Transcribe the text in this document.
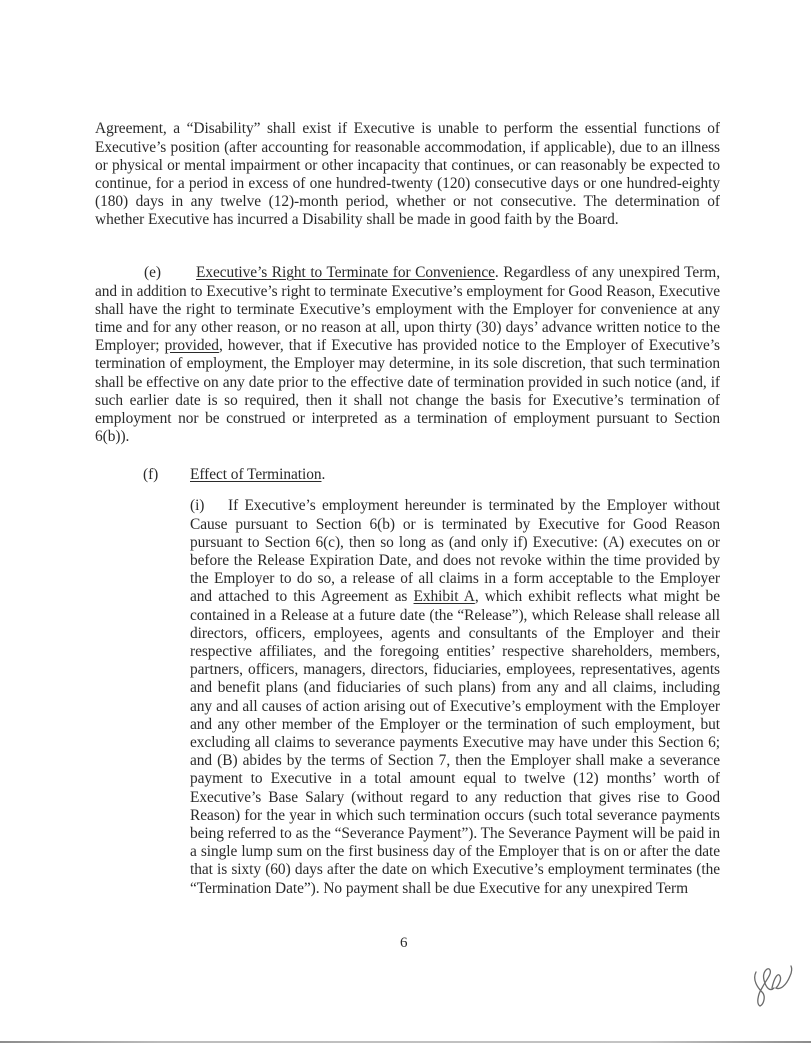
Agreement, a “Disability” shall exist if Executive is unable to perform the essential functions of Executive’s position (after accounting for reasonable accommodation, if applicable), due to an illness or physical or mental impairment or other incapacity that continues, or can reasonably be expected to continue, for a period in excess of one hundred-twenty (120) consecutive days or one hundred-eighty (180) days in any twelve (12)-month period, whether or not consecutive. The determination of whether Executive has incurred a Disability shall be made in good faith by the Board.

(e) Executive’s Right to Terminate for Convenience. Regardless of any unexpired Term, and in addition to Executive’s right to terminate Executive’s employment for Good Reason, Executive shall have the right to terminate Executive’s employment with the Employer for convenience at any time and for any other reason, or no reason at all, upon thirty (30) days’ advance written notice to the Employer; provided, however, that if Executive has provided notice to the Employer of Executive’s termination of employment, the Employer may determine, in its sole discretion, that such termination shall be effective on any date prior to the effective date of termination provided in such notice (and, if such earlier date is so required, then it shall not change the basis for Executive’s termination of employment nor be construed or interpreted as a termination of employment pursuant to Section 6(b)).

(f) Effect of Termination.

(i) If Executive’s employment hereunder is terminated by the Employer without Cause pursuant to Section 6(b) or is terminated by Executive for Good Reason pursuant to Section 6(c), then so long as (and only if) Executive: (A) executes on or before the Release Expiration Date, and does not revoke within the time provided by the Employer to do so, a release of all claims in a form acceptable to the Employer and attached to this Agreement as Exhibit A, which exhibit reflects what might be contained in a Release at a future date (the “Release”), which Release shall release all directors, officers, employees, agents and consultants of the Employer and their respective affiliates, and the foregoing entities’ respective shareholders, members, partners, officers, managers, directors, fiduciaries, employees, representatives, agents and benefit plans (and fiduciaries of such plans) from any and all claims, including any and all causes of action arising out of Executive’s employment with the Employer and any other member of the Employer or the termination of such employment, but excluding all claims to severance payments Executive may have under this Section 6; and (B) abides by the terms of Section 7, then the Employer shall make a severance payment to Executive in a total amount equal to twelve (12) months’ worth of Executive’s Base Salary (without regard to any reduction that gives rise to Good Reason) for the year in which such termination occurs (such total severance payments being referred to as the “Severance Payment”). The Severance Payment will be paid in a single lump sum on the first business day of the Employer that is on or after the date that is sixty (60) days after the date on which Executive’s employment terminates (the “Termination Date”). No payment shall be due Executive for any unexpired Term

6
